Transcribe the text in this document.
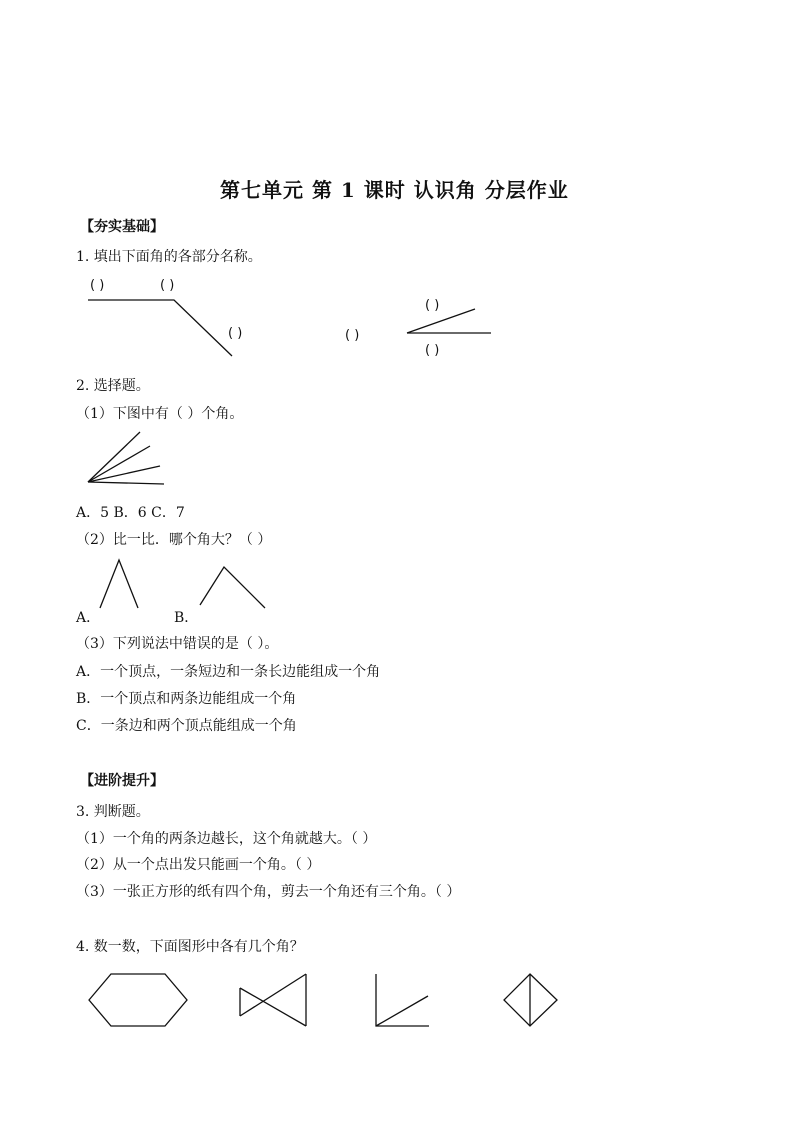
第七单元 第 1 课时 认识角 分层作业
【夯实基础】
1. 填出下面角的各部分名称。
( )	( )
( )	( )
( )
( )
2. 选择题。
（1）下图中有（ ）个角。
A．5 B．6 C．7
（2）比一比．哪个角大？（ ）
A．	B．
（3）下列说法中错误的是（ ）。
A．一个顶点，一条短边和一条长边能组成一个角
B．一个顶点和两条边能组成一个角
C．一条边和两个顶点能组成一个角
【进阶提升】
3. 判断题。
（1）一个角的两条边越长，这个角就越大。（ ）
（2）从一个点出发只能画一个角。（ ）
（3）一张正方形的纸有四个角，剪去一个角还有三个角。（ ）
4. 数一数，下面图形中各有几个角？
